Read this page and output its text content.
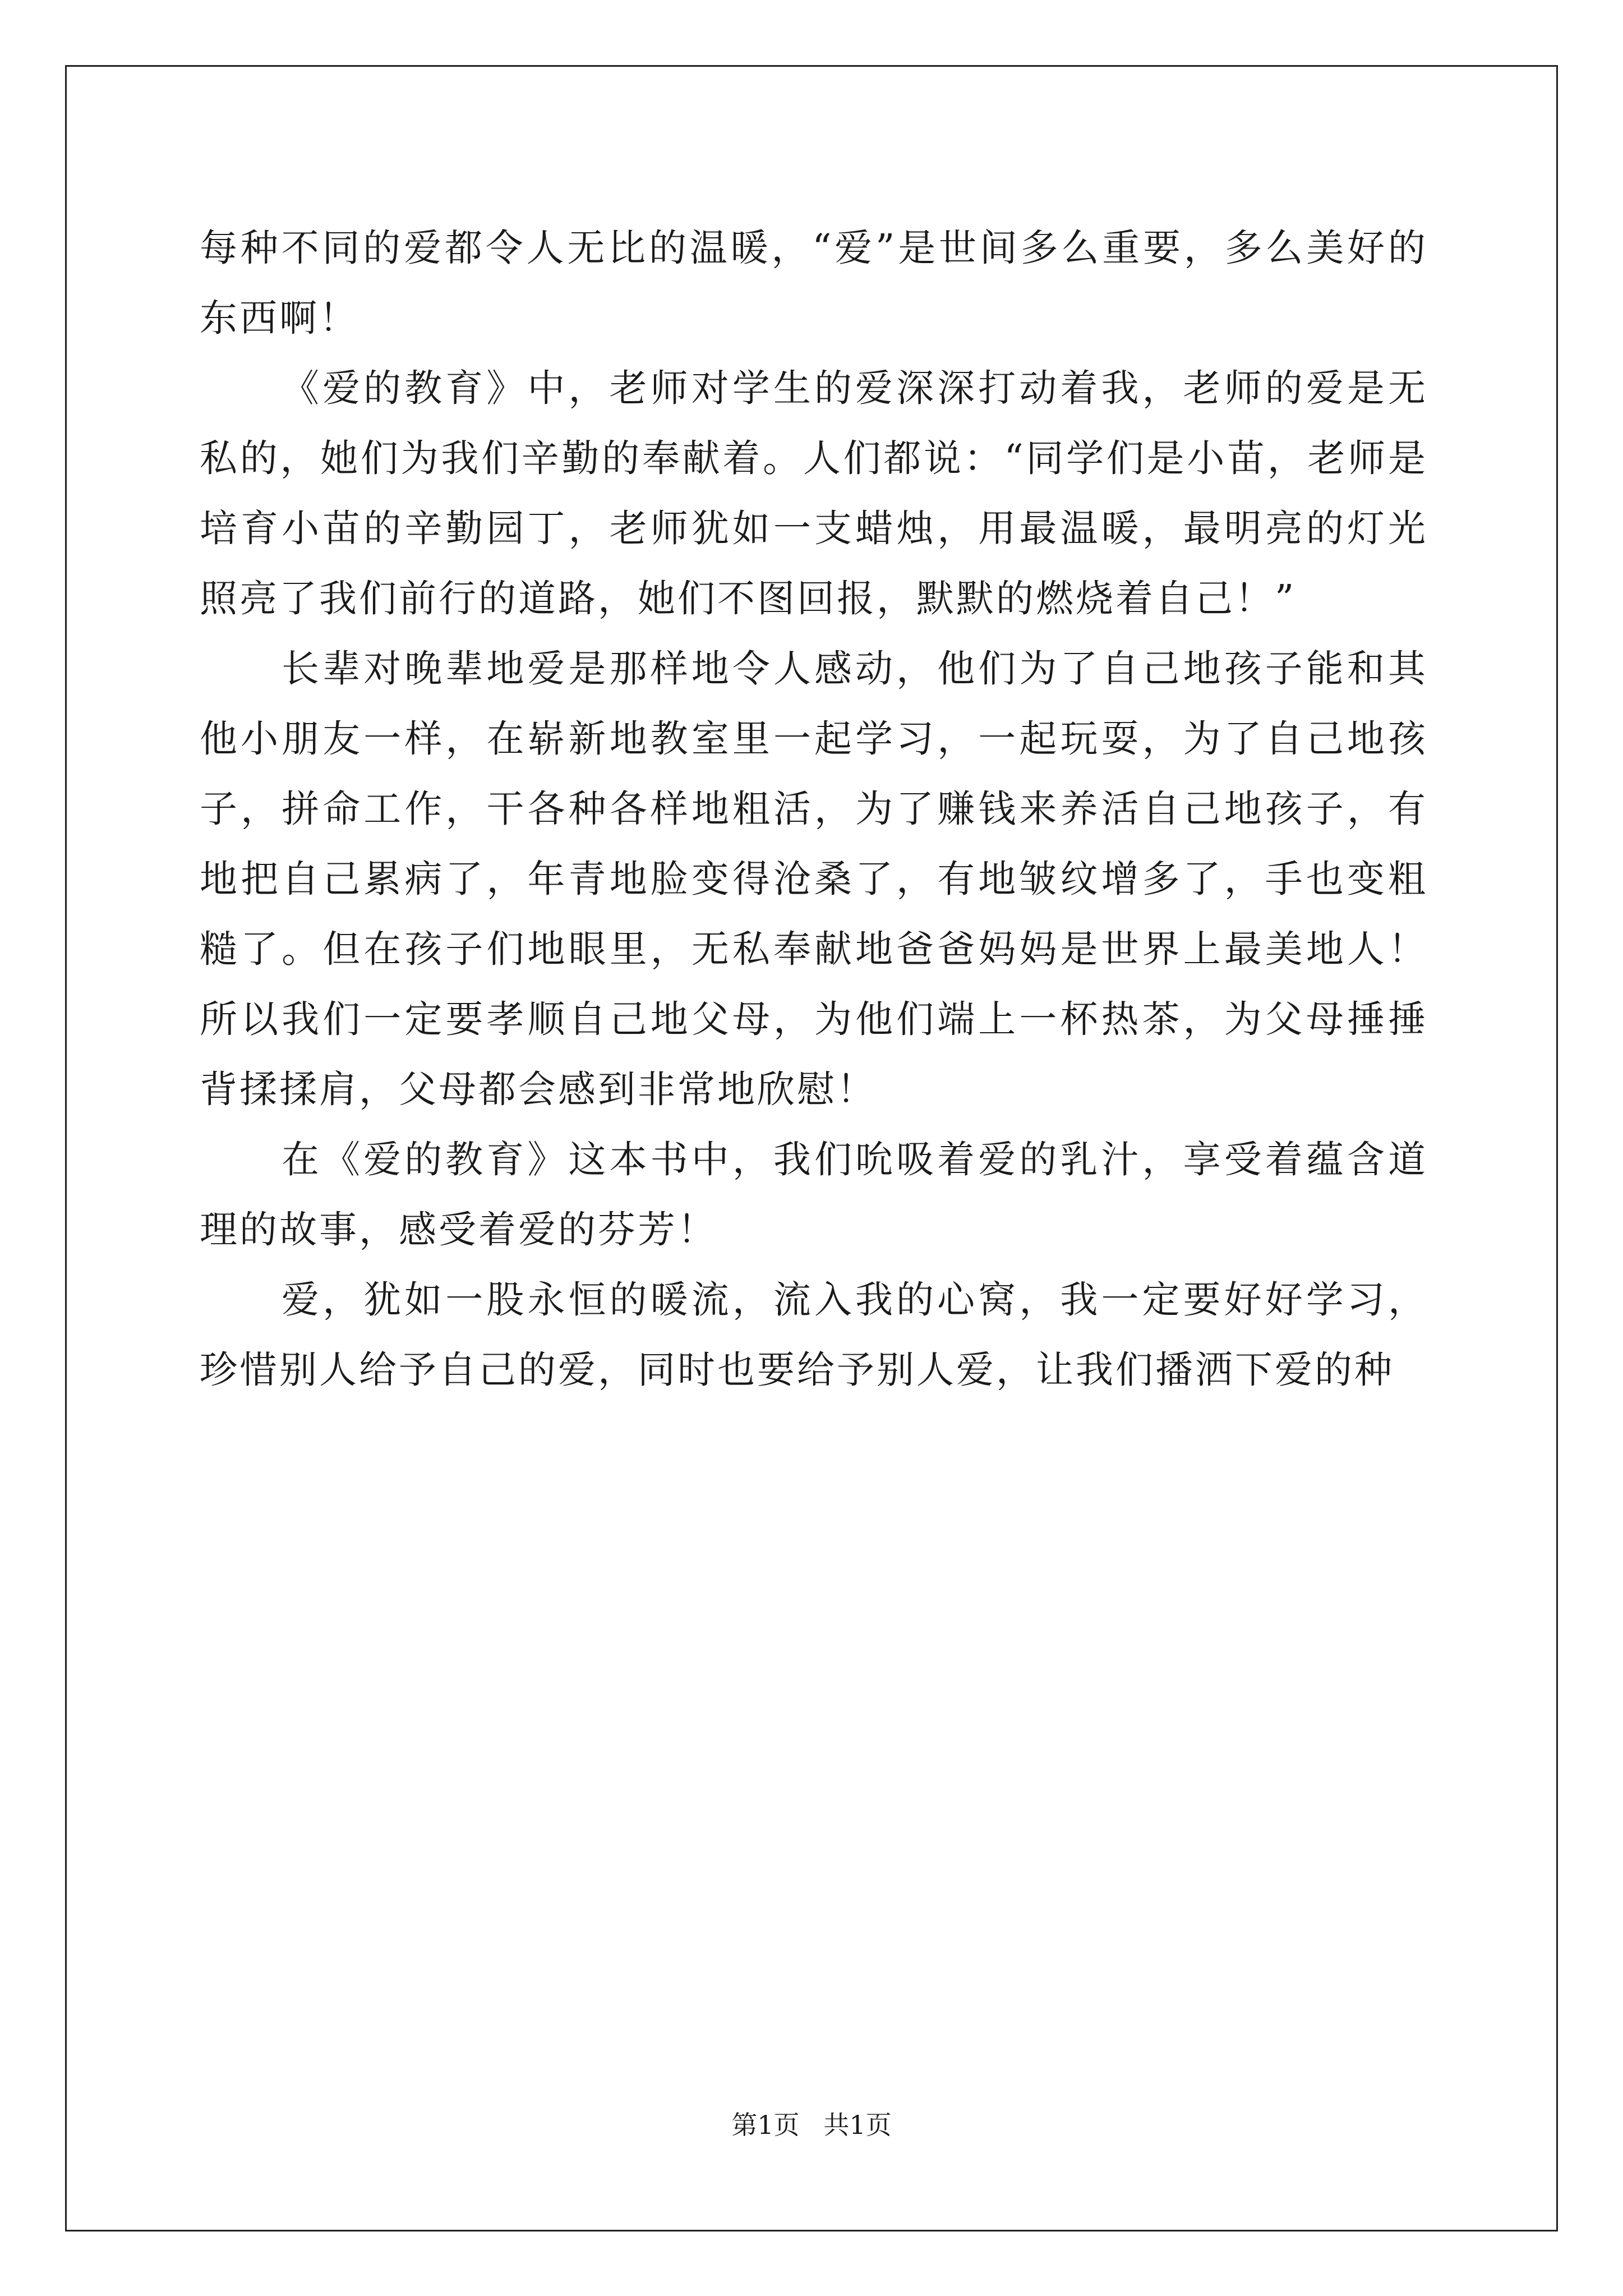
每种不同的爱都令人无比的温暖，“爱”是世间多么重要，多么美好的东西啊！

《爱的教育》中，老师对学生的爱深深打动着我，老师的爱是无私的，她们为我们辛勤的奉献着。人们都说：“同学们是小苗，老师是培育小苗的辛勤园丁，老师犹如一支蜡烛，用最温暖，最明亮的灯光照亮了我们前行的道路，她们不图回报，默默的燃烧着自己！”

长辈对晚辈地爱是那样地令人感动，他们为了自己地孩子能和其他小朋友一样，在崭新地教室里一起学习，一起玩耍，为了自己地孩子，拼命工作，干各种各样地粗活，为了赚钱来养活自己地孩子，有地把自己累病了，年青地脸变得沧桑了，有地皱纹增多了，手也变粗糙了。但在孩子们地眼里，无私奉献地爸爸妈妈是世界上最美地人！所以我们一定要孝顺自己地父母，为他们端上一杯热茶，为父母捶捶背揉揉肩，父母都会感到非常地欣慰！

在《爱的教育》这本书中，我们吮吸着爱的乳汁，享受着蕴含道理的故事，感受着爱的芬芳！

爱，犹如一股永恒的暖流，流入我的心窝，我一定要好好学习，珍惜别人给予自己的爱，同时也要给予别人爱，让我们播洒下爱的种

第1页 共1页
